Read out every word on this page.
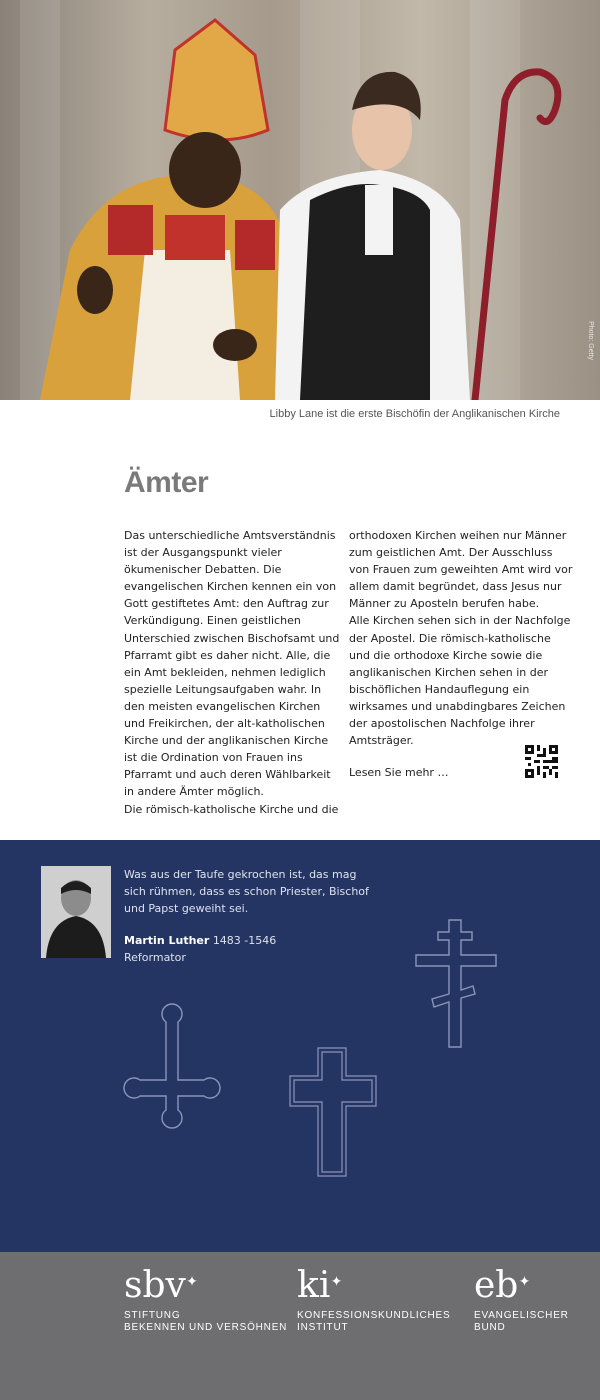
Photo: Getty
Libby Lane ist die erste Bischöfin der Anglikanischen Kirche
Ämter

Das unterschiedliche Amtsverständnis ist der Ausgangspunkt vieler ökumenischer Debatten. Die evangelischen Kirchen kennen ein von Gott gestiftetes Amt: den Auftrag zur Verkündigung. Einen geistlichen Unterschied zwischen Bischofsamt und Pfarramt gibt es daher nicht. Alle, die ein Amt bekleiden, nehmen lediglich spezielle Leitungsaufgaben wahr. In den meisten evangelischen Kirchen und Freikirchen, der alt-katholischen Kirche und der anglikanischen Kirche ist die Ordination von Frauen ins Pfarramt und auch deren Wählbarkeit in andere Ämter möglich.

Die römisch-katholische Kirche und die

orthodoxen Kirchen weihen nur Männer zum geistlichen Amt. Der Ausschluss von Frauen zum geweihten Amt wird vor allem damit begründet, dass Jesus nur Männer zu Aposteln berufen habe.

Alle Kirchen sehen sich in der Nachfolge der Apostel. Die römisch-katholische und die orthodoxe Kirche sowie die anglikanischen Kirchen sehen in der bischöflichen Handauflegung ein wirksames und unabdingbares Zeichen der apostolischen Nachfolge ihrer Amtsträger.

Lesen Sie mehr …
Was aus der Taufe gekrochen ist, das mag sich rühmen, dass es schon Priester, Bischof und Papst geweiht sei.
Martin Luther 1483 -1546
Reformator
sbv ✦
STIFTUNG
BEKENNEN UND VERSÖHNEN
ki ✦
KONFESSIONSKUNDLICHES
INSTITUT
eb ✦
EVANGELISCHER
BUND
